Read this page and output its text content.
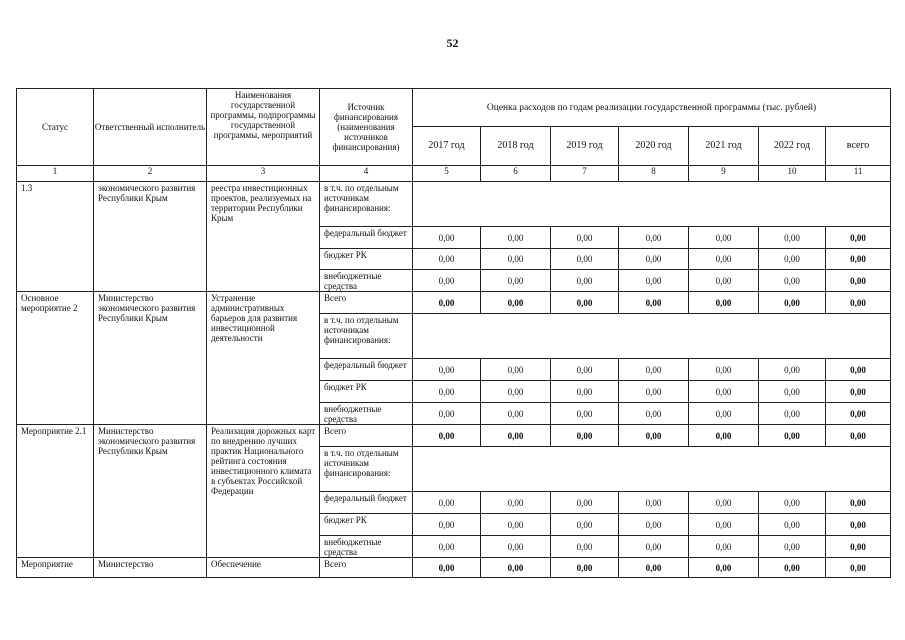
52
Статус	Ответственный исполнитель	Наименования государственной программы, подпрограммы государственной программы, мероприятий	Источник финансирования (наименования источников финансирования)	Оценка расходов по годам реализации государственной программы (тыс. рублей)						
				2017 год	2018 год	2019 год	2020 год	2021 год	2022 год	всего
1	2	3	4	5	6	7	8	9	10	11
1.3	экономического развития Республики Крым	реестра инвестиционных проектов, реализуемых на территории Республики Крым	в т.ч. по отдельным источникам финансирования:							
			федеральный бюджет	0,00	0,00	0,00	0,00	0,00	0,00	0,00
			бюджет РК	0,00	0,00	0,00	0,00	0,00	0,00	0,00
			внебюджетные средства	0,00	0,00	0,00	0,00	0,00	0,00	0,00
Основное мероприятие 2	Министерство экономического развития Республики Крым	Устранение административных барьеров для развития инвестиционной деятельности	Всего	0,00	0,00	0,00	0,00	0,00	0,00	0,00
			в т.ч. по отдельным источникам финансирования:							
			федеральный бюджет	0,00	0,00	0,00	0,00	0,00	0,00	0,00
			бюджет РК	0,00	0,00	0,00	0,00	0,00	0,00	0,00
			внебюджетные средства	0,00	0,00	0,00	0,00	0,00	0,00	0,00
Мероприятие 2.1	Министерство экономического развития Республики Крым	Реализация дорожных карт по внедрению лучших практик Национального рейтинга состояния инвестиционного климата в субъектах Российской Федерации	Всего	0,00	0,00	0,00	0,00	0,00	0,00	0,00
			в т.ч. по отдельным источникам финансирования:							
			федеральный бюджет	0,00	0,00	0,00	0,00	0,00	0,00	0,00
			бюджет РК	0,00	0,00	0,00	0,00	0,00	0,00	0,00
			внебюджетные средства	0,00	0,00	0,00	0,00	0,00	0,00	0,00
Мероприятие	Министерство	Обеспечение	Всего	0,00	0,00	0,00	0,00	0,00	0,00	0,00
